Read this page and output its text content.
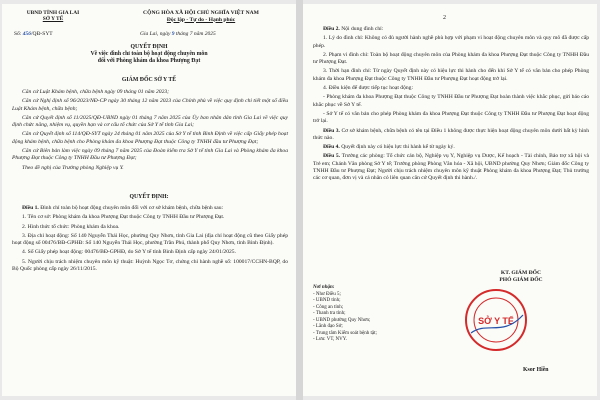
UBND TỈNH GIA LAI
SỞ Y TẾ
CỘNG HÒA XÃ HỘI CHỦ NGHĨA VIỆT NAM
Độc lập - Tự do - Hạnh phúc
Số: 456/QĐ-SYT	Gia Lai, ngày 9 tháng 7 năm 2025
QUYẾT ĐỊNH
Về việc đình chỉ toàn bộ hoạt động chuyên môn
đối với Phòng khám đa khoa Phượng Đạt
GIÁM ĐỐC SỞ Y TẾ

Căn cứ Luật Khám bệnh, chữa bệnh ngày 09 tháng 01 năm 2023;

Căn cứ Nghị định số 96/2023/NĐ-CP ngày 30 tháng 12 năm 2023 của Chính phủ về việc quy định chi tiết một số điều Luật Khám bệnh, chữa bệnh;

Căn cứ Quyết định số 11/2025/QĐ-UBND ngày 01 tháng 7 năm 2025 của Ủy ban nhân dân tỉnh Gia Lai về việc quy định chức năng, nhiệm vụ, quyền hạn và cơ cấu tổ chức của Sở Y tế tỉnh Gia Lai;

Căn cứ Quyết định số 114/QĐ-SYT ngày 24 tháng 01 năm 2025 của Sở Y tế tỉnh Bình Định về việc cấp Giấy phép hoạt động khám bệnh, chữa bệnh cho Phòng khám đa khoa Phượng Đạt thuộc Công ty TNHH đầu tư Phượng Đạt;

Căn cứ Biên bản làm việc ngày 09 tháng 7 năm 2025 của Đoàn kiểm tra Sở Y tế tỉnh Gia Lai và Phòng khám đa khoa Phượng Đạt thuộc Công ty TNHH Đầu tư Phượng Đạt;

Theo đề nghị của Trưởng phòng Nghiệp vụ Y.

QUYẾT ĐỊNH:

Điều 1. Đình chỉ toàn bộ hoạt động chuyên môn đối với cơ sở khám bệnh, chữa bệnh sau:

1. Tên cơ sở: Phòng khám đa khoa Phượng Đạt thuộc Công ty TNHH Đầu tư Phượng Đạt.

2. Hình thức tổ chức: Phòng khám đa khoa.

3. Địa chỉ hoạt động: Số 140 Nguyễn Thái Học, phường Quy Nhơn, tỉnh Gia Lai (địa chỉ hoạt động cũ theo Giấy phép hoạt động số 00476/BĐ-GPHĐ: Số 140 Nguyễn Thái Học, phường Trần Phú, thành phố Quy Nhơn, tỉnh Bình Định).

4. Số Giấy phép hoạt động: 00476/BĐ-GPHĐ, do Sở Y tế tỉnh Bình Định cấp ngày 24/01/2025.

5. Người chịu trách nhiệm chuyên môn kỹ thuật: Huỳnh Ngọc Tơ, chứng chỉ hành nghề số: 100017/CCHN-BQP, do Bộ Quốc phòng cấp ngày 26/11/2015.

2

Điều 2. Nội dung đình chỉ:

1. Lý do đình chỉ: Không có đủ người hành nghề phù hợp với phạm vi hoạt động chuyên môn và quy mô đã được cấp phép.

2. Phạm vi đình chỉ: Toàn bộ hoạt động chuyên môn của Phòng khám đa khoa Phượng Đạt thuộc Công ty TNHH Đầu tư Phượng Đạt.

3. Thời hạn đình chỉ: Từ ngày Quyết định này có hiệu lực thi hành cho đến khi Sở Y tế có văn bản cho phép Phòng khám đa khoa Phượng Đạt thuộc Công ty TNHH Đầu tư Phượng Đạt hoạt động trở lại.

4. Điều kiện để được tiếp tục hoạt động:

- Phòng khám đa khoa Phượng Đạt thuộc Công ty TNHH Đầu tư Phượng Đạt hoàn thành việc khắc phục, gửi báo cáo khắc phục về Sở Y tế.

- Sở Y tế có văn bản cho phép Phòng khám đa khoa Phượng Đạt thuộc Công ty TNHH Đầu tư Phượng Đạt hoạt động trở lại.

Điều 3. Cơ sở khám bệnh, chữa bệnh có tên tại Điều 1 không được thực hiện hoạt động chuyên môn dưới bất kỳ hình thức nào.

Điều 4. Quyết định này có hiệu lực thi hành kể từ ngày ký.

Điều 5. Trưởng các phòng: Tổ chức cán bộ, Nghiệp vụ Y, Nghiệp vụ Dược, Kế hoạch - Tài chính, Bảo trợ xã hội và Trẻ em; Chánh Văn phòng Sở Y tế; Trưởng phòng Phòng Văn hóa - Xã hội, UBND phường Quy Nhơn; Giám đốc Công ty TNHH Đầu tư Phượng Đạt; Người chịu trách nhiệm chuyên môn kỹ thuật Phòng khám đa khoa Phượng Đạt; Thủ trưởng các cơ quan, đơn vị và cá nhân có liên quan căn cứ Quyết định thi hành./.

Nơi nhận:
- Như Điều 5;
- UBND tỉnh;
- Công an tỉnh;
- Thanh tra tỉnh;
- UBND phường Quy Nhơn;
- Lãnh đạo Sở;
- Trung tâm Kiểm soát bệnh tật;
- Lưu: VT, NVY.
KT. GIÁM ĐỐC
PHÓ GIÁM ĐỐC
SỞ Y TẾ
Ksor Hiền
